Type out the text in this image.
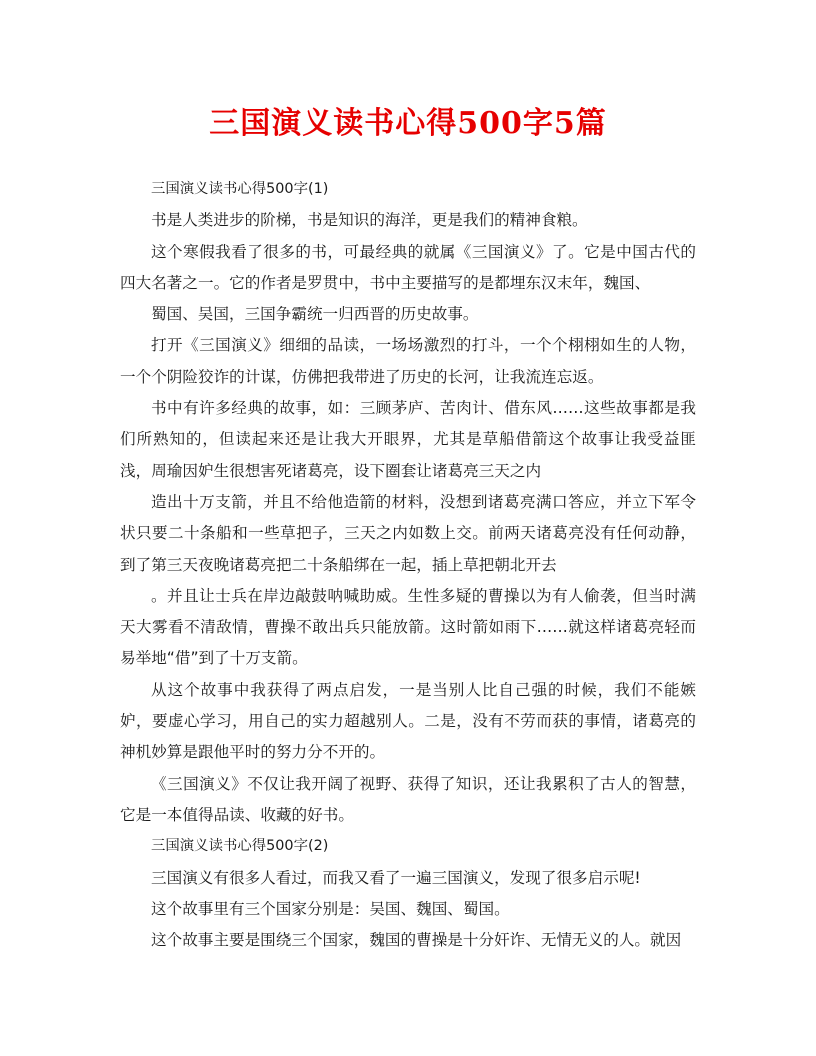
三国演义读书心得500字5篇

三国演义读书心得500字(1)

书是人类进步的阶梯，书是知识的海洋，更是我们的精神食粮。

这个寒假我看了很多的书，可最经典的就属《三国演义》了。它是中国古代的四大名著之一。它的作者是罗贯中，书中主要描写的是都埋东汉末年，魏国、

蜀国、吴国，三国争霸统一归西晋的历史故事。

打开《三国演义》细细的品读，一场场激烈的打斗，一个个栩栩如生的人物，一个个阴险狡诈的计谋，仿佛把我带进了历史的长河，让我流连忘返。

书中有许多经典的故事，如：三顾茅庐、苦肉计、借东风……这些故事都是我们所熟知的，但读起来还是让我大开眼界，尤其是草船借箭这个故事让我受益匪浅，周瑜因妒生很想害死诸葛亮，设下圈套让诸葛亮三天之内

造出十万支箭，并且不给他造箭的材料，没想到诸葛亮满口答应，并立下军令状只要二十条船和一些草把子，三天之内如数上交。前两天诸葛亮没有任何动静，到了第三天夜晚诸葛亮把二十条船绑在一起，插上草把朝北开去

。并且让士兵在岸边敲鼓呐喊助威。生性多疑的曹操以为有人偷袭，但当时满天大雾看不清敌情，曹操不敢出兵只能放箭。这时箭如雨下……就这样诸葛亮轻而易举地“借”到了十万支箭。

从这个故事中我获得了两点启发，一是当别人比自己强的时候，我们不能嫉妒，要虚心学习，用自己的实力超越别人。二是，没有不劳而获的事情，诸葛亮的神机妙算是跟他平时的努力分不开的。

《三国演义》不仅让我开阔了视野、获得了知识，还让我累积了古人的智慧，它是一本值得品读、收藏的好书。

三国演义读书心得500字(2)

三国演义有很多人看过，而我又看了一遍三国演义，发现了很多启示呢!

这个故事里有三个国家分别是：吴国、魏国、蜀国。

这个故事主要是围绕三个国家，魏国的曹操是十分奸诈、无情无义的人。就因
